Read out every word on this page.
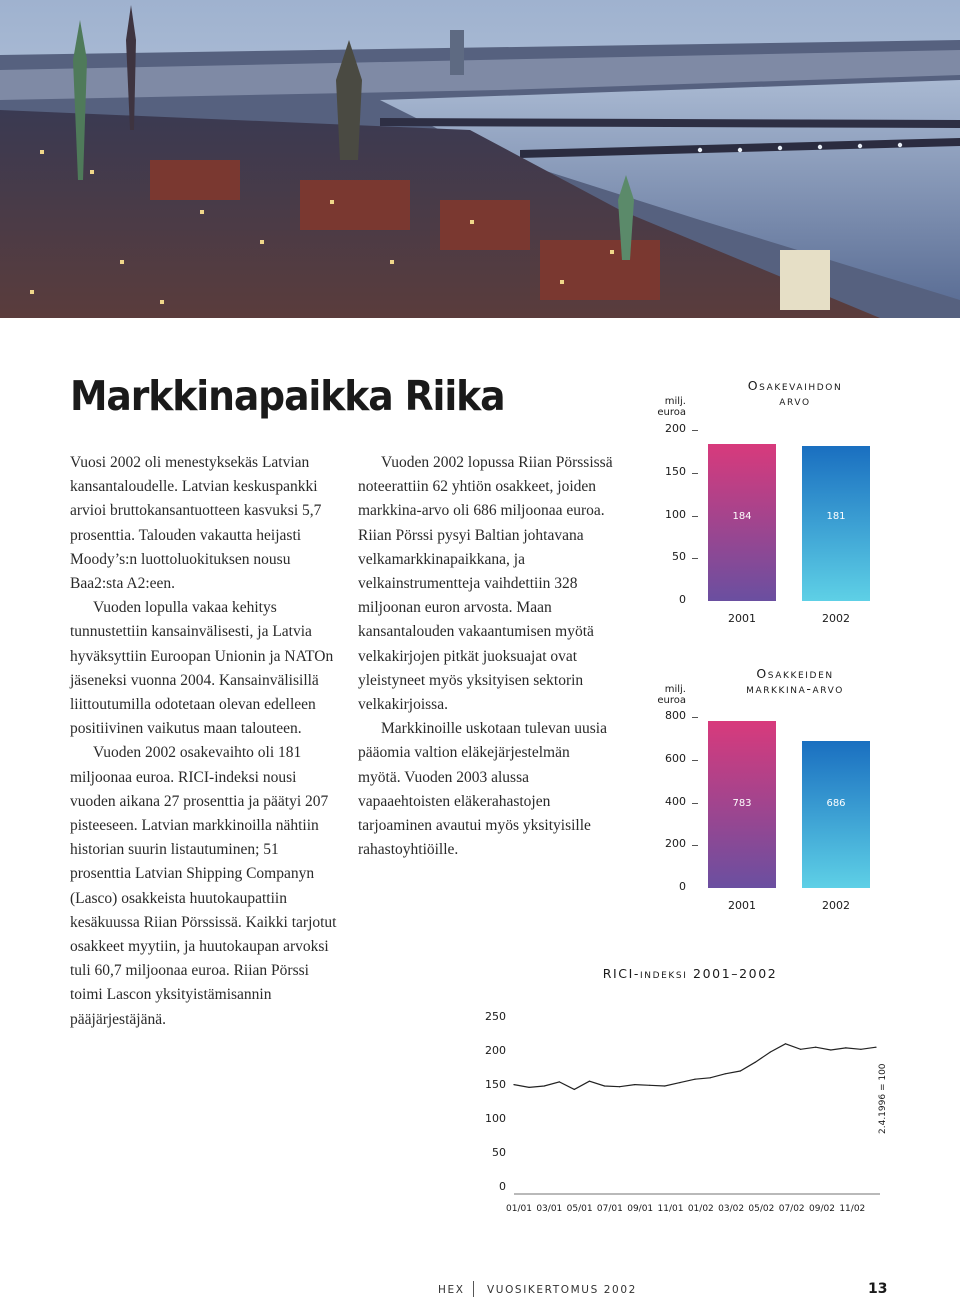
Markkinapaikka Riika

Vuosi 2002 oli menestyksekäs Latvian kansantaloudelle. Latvian keskuspankki arvioi bruttokansantuotteen kasvuksi 5,7 prosenttia. Talouden vakautta heijasti Moody’s:n luottoluokituksen nousu Baa2:sta A2:een.

Vuoden lopulla vakaa kehitys tunnustettiin kansainvälisesti, ja Latvia hyväksyttiin Euroopan Unionin ja NATOn jäseneksi vuonna 2004. Kansainvälisillä liittoutumilla odotetaan olevan edelleen positiivinen vaikutus maan talouteen.

Vuoden 2002 osakevaihto oli 181 miljoonaa euroa. RICI-indeksi nousi vuoden aikana 27 prosenttia ja päätyi 207 pisteeseen. Latvian markkinoilla nähtiin historian suurin listautuminen; 51 prosenttia Latvian Shipping Companyn (Lasco) osakkeista huutokaupattiin kesäkuussa Riian Pörssissä. Kaikki tarjotut osakkeet myytiin, ja huutokaupan arvoksi tuli 60,7 miljoonaa euroa. Riian Pörssi toimi Lascon yksityistämisannin pääjärjestäjänä.

Vuoden 2002 lopussa Riian Pörssissä noteerattiin 62 yhtiön osakkeet, joiden markkina-arvo oli 686 miljoonaa euroa. Riian Pörssi pysyi Baltian johtavana velkamarkkinapaikkana, ja velkainstrumentteja vaihdettiin 328 miljoonan euron arvosta. Maan kansantalouden vakaantumisen myötä velkakirjojen pitkät juoksuajat ovat yleistyneet myös yksityisen sektorin velkakirjoissa.

Markkinoille uskotaan tulevan uusia pääomia valtion eläkejärjestelmän myötä. Vuoden 2003 alussa vapaaehtoisten eläkerahastojen tarjoaminen avautui myös yksityisille rahastoyhtiöille.

Osakevaihdon arvo
milj. euroa
0
50
100
150
200
184
2001
181
2002
Osakkeiden markkina-arvo
milj. euroa
0
200
400
600
800
783
2001
686
2002
RICI-indeksi 2001–2002
0
50
100
150
200
250
01/01 03/01 05/01 07/01 09/01 11/01 01/02 03/02 05/02 07/02 09/02 11/02
2.4.1996 = 100
HEX VUOSIKERTOMUS 2002	13
